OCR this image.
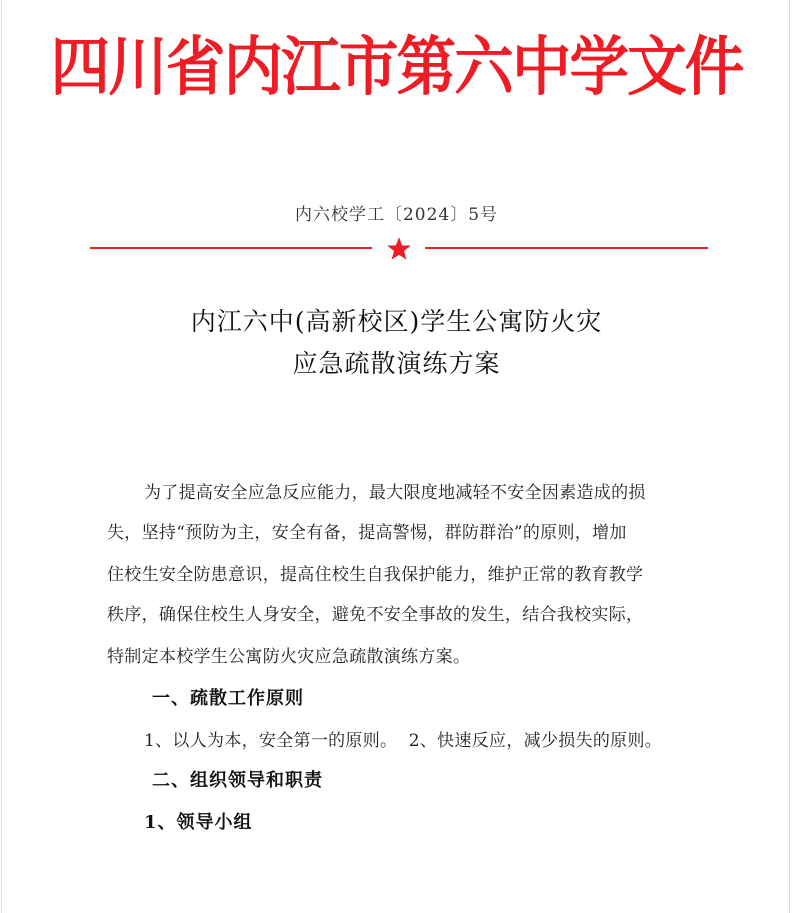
四川省内江市第六中学文件
内六校学工〔2024〕5号
内江六中(高新校区)学生公寓防火灾
应急疏散演练方案
为了提高安全应急反应能力，最大限度地减轻不安全因素造成的损
失，坚持“预防为主，安全有备，提高警惕，群防群治”的原则，增加
住校生安全防患意识，提高住校生自我保护能力，维护正常的教育教学
秩序，确保住校生人身安全，避免不安全事故的发生，结合我校实际，
特制定本校学生公寓防火灾应急疏散演练方案。
一、疏散工作原则
1、以人为本，安全第一的原则。  2、快速反应，减少损失的原则。
二、组织领导和职责
1、领导小组
